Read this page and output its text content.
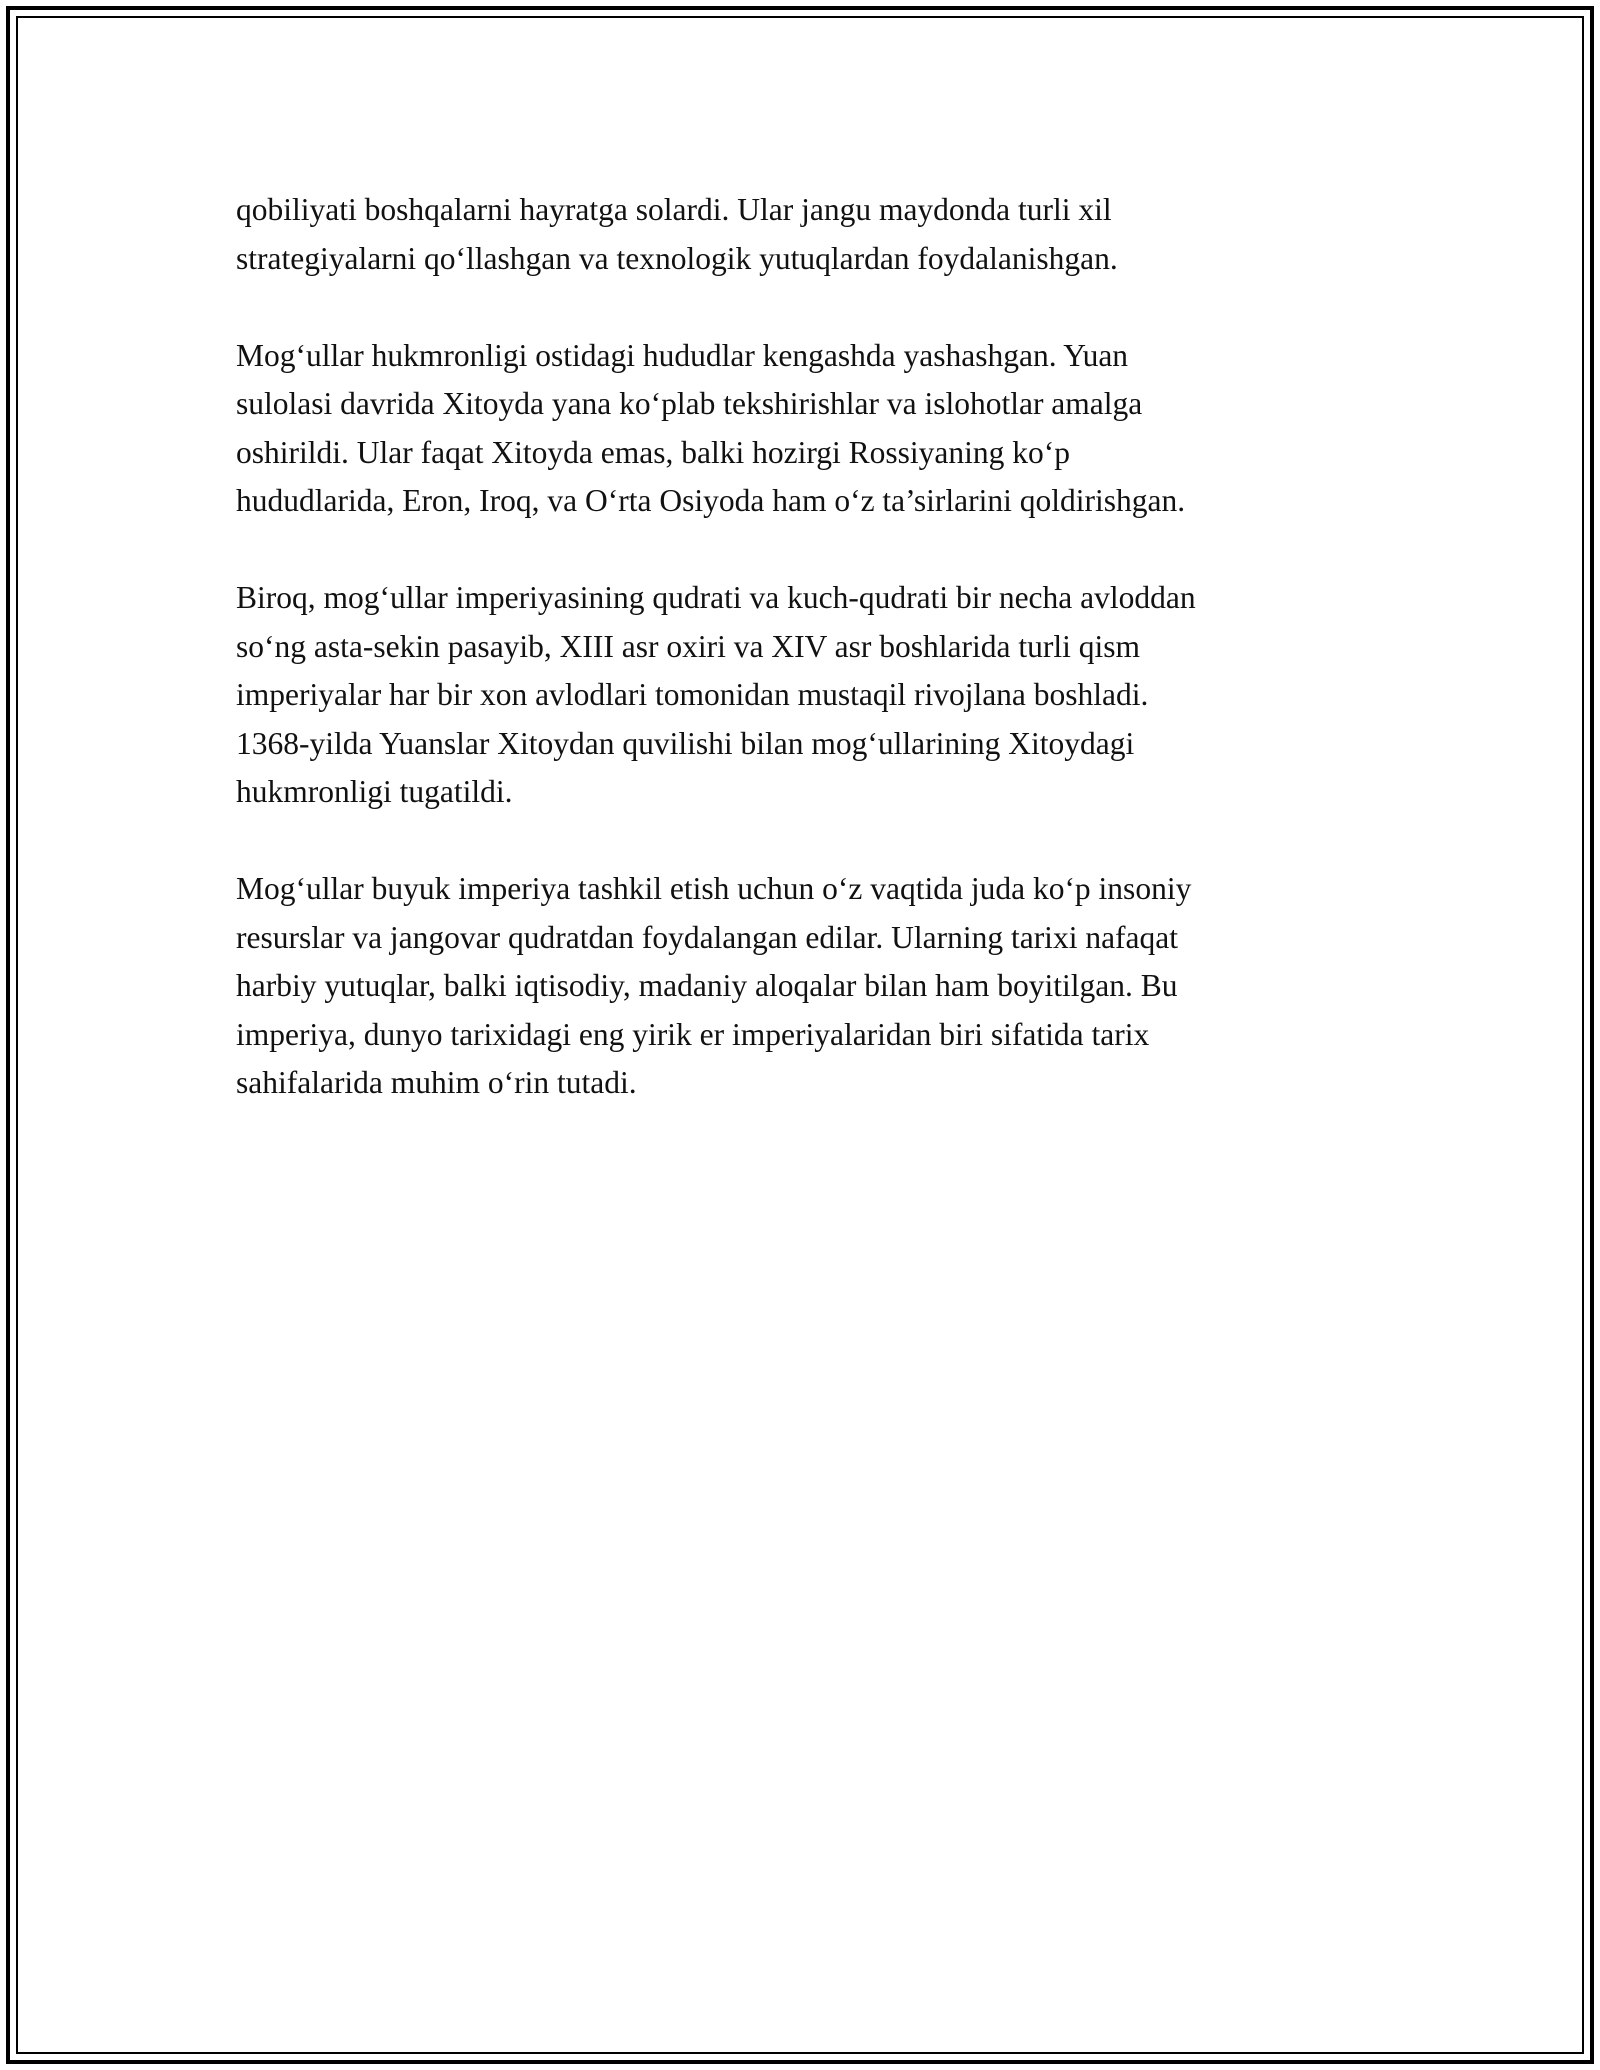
qobiliyati boshqalarni hayratga solardi. Ular jangu maydonda turli xil
strategiyalarni qo‘llashgan va texnologik yutuqlardan foydalanishgan.

Mog‘ullar hukmronligi ostidagi hududlar kengashda yashashgan. Yuan
sulolasi davrida Xitoyda yana ko‘plab tekshirishlar va islohotlar amalga
oshirildi. Ular faqat Xitoyda emas, balki hozirgi Rossiyaning ko‘p
hududlarida, Eron, Iroq, va O‘rta Osiyoda ham o‘z ta’sirlarini qoldirishgan.

Biroq, mog‘ullar imperiyasining qudrati va kuch-qudrati bir necha avloddan
so‘ng asta-sekin pasayib, XIII asr oxiri va XIV asr boshlarida turli qism
imperiyalar har bir xon avlodlari tomonidan mustaqil rivojlana boshladi.
1368-yilda Yuanslar Xitoydan quvilishi bilan mog‘ullarining Xitoydagi
hukmronligi tugatildi.

Mog‘ullar buyuk imperiya tashkil etish uchun o‘z vaqtida juda ko‘p insoniy
resurslar va jangovar qudratdan foydalangan edilar. Ularning tarixi nafaqat
harbiy yutuqlar, balki iqtisodiy, madaniy aloqalar bilan ham boyitilgan. Bu
imperiya, dunyo tarixidagi eng yirik er imperiyalaridan biri sifatida tarix
sahifalarida muhim o‘rin tutadi.
